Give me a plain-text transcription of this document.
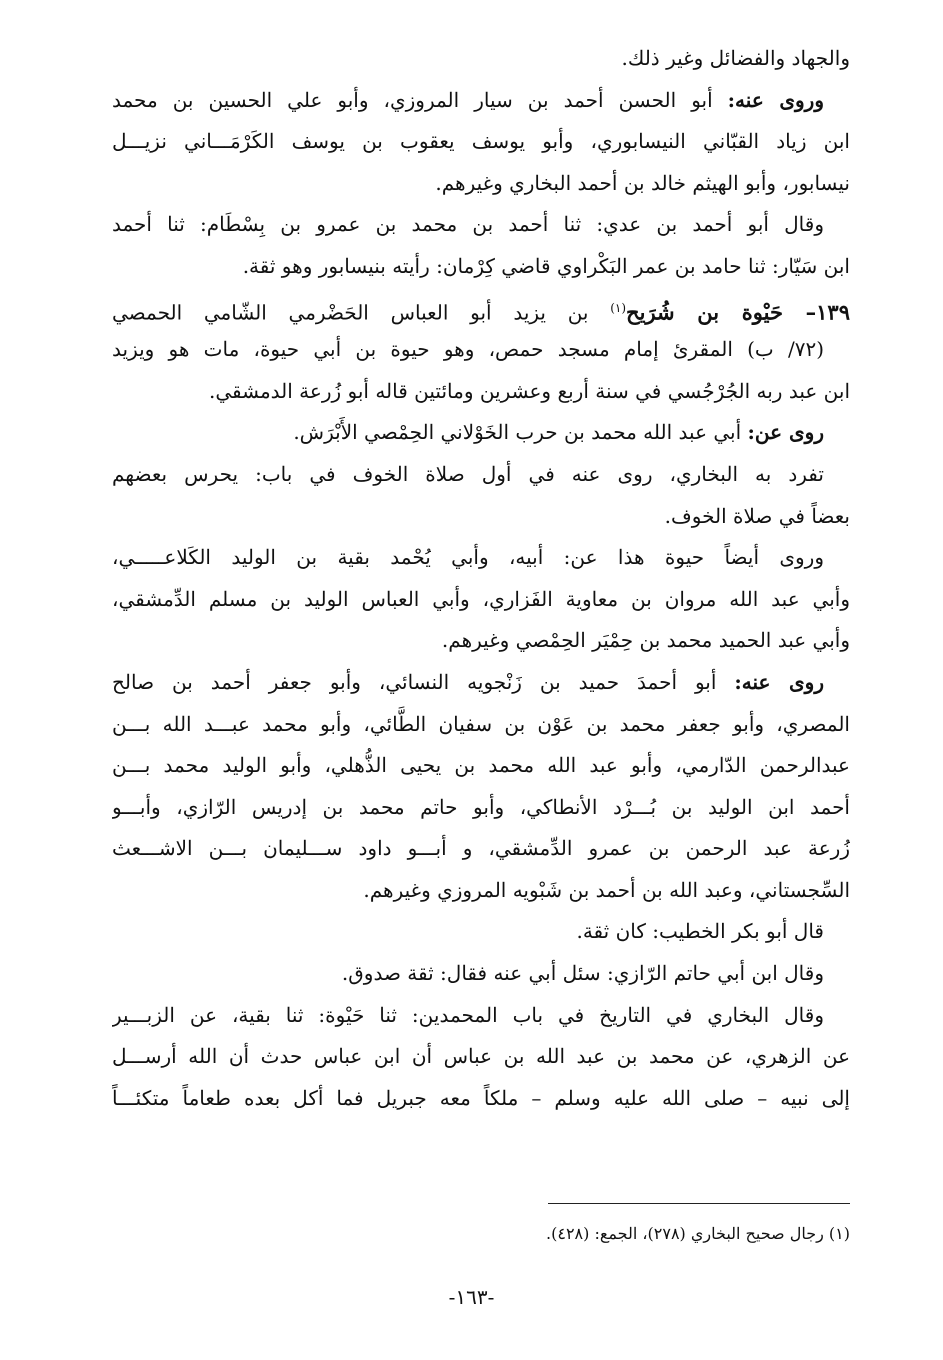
والجهاد والفضائل وغير ذلك.
وروى عنه: أبو الحسن أحمد بن سيار المروزي، وأبو علي الحسين بن محمد
ابن زياد القبّاني النيسابوري، وأبو يوسف يعقوب بن يوسف الكَرْمَـــاني نزيـــل
نيسابور، وأبو الهيثم خالد بن أحمد البخاري وغيرهم.
وقال أبو أحمد بن عدي: ثنا أحمد بن محمد بن عمرو بن بِسْطَام: ثنا أحمد
ابن سَيّار: ثنا حامد بن عمر البَكْراوي قاضي كِرْمان: رأيته بنيسابور وهو ثقة.
١٣٩– حَيْوة بن شُرَيح$^{(١)}$ بن يزيد أبو العباس الحَضْرمي الشّامي الحمصي
(٧٢/ ب) المقرئ إمام مسجد حمص، وهو حيوة بن أبي حيوة، مات هو ويزيد
ابن عبد ربه الجُرْجُسي في سنة أربع وعشرين ومائتين قاله أبو زُرعة الدمشقي.
روى عن: أبي عبد الله محمد بن حرب الخَوْلاني الحِمْصي الأَبْرَش.
تفرد به البخاري، روى عنه في أول صلاة الخوف في باب: يحرس بعضهم
بعضاً في صلاة الخوف.
وروى أيضاً حيوة هذا عن: أبيه، وأبي يُحْمد بقية بن الوليد الكَلاعـــــي،
وأبي عبد الله مروان بن معاوية الفَزاري، وأبي العباس الوليد بن مسلم الدِّمشقي،
وأبي عبد الحميد محمد بن حِمْيَر الحِمْصي وغيرهم.
روى عنه: أبو أحمدَ حميد بن زَنْجويه النسائي، وأبو جعفر أحمد بن صالح
المصري، وأبو جعفر محمد بن عَوْن بن سفيان الطَّائي، وأبو محمد عبـــد الله بـــن
عبدالرحمن الدّارمي، وأبو عبد الله محمد بن يحيى الذُّهلي، وأبو الوليد محمد بـــن
أحمد ابن الوليد بن بُـــرْد الأنطاكي، وأبو حاتم محمد بن إدريس الرّازي، وأبـــو
زُرعة عبد الرحمن بن عمرو الدِّمشقي، و أبـــو داود ســـليمان بـــن الاشـــعث
السِّجستاني، وعبد الله بن أحمد بن شَبْويه المروزي وغيرهم.
قال أبو بكر الخطيب: كان ثقة.
وقال ابن أبي حاتم الرّازي: سئل أبي عنه فقال: ثقة صدوق.
وقال البخاري في التاريخ في باب المحمدين: ثنا حَيْوة: ثنا بقية، عن الزبـــير
عن الزهري، عن محمد بن عبد الله بن عباس أن ابن عباس حدث أن الله أرســـل
إلى نبيه – صلى الله عليه وسلم – ملكاً معه جبريل فما أكل بعده طعاماً متكئـــاً
(١) رجال صحيح البخاري (٢٧٨)، الجمع: (٤٢٨).
-١٦٣-
